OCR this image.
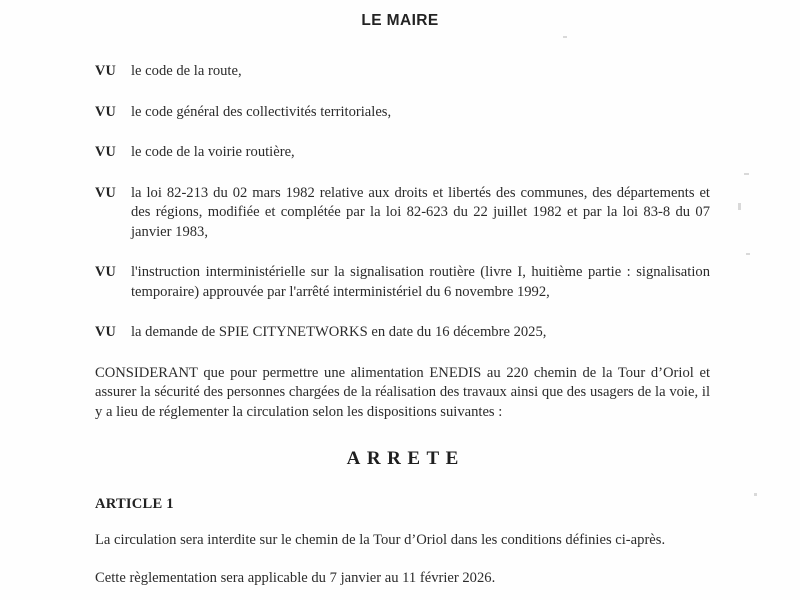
LE MAIRE
VU	le code de la route,
VU	le code général des collectivités territoriales,
VU	le code de la voirie routière,
VU	la loi 82-213 du 02 mars 1982 relative aux droits et libertés des communes, des départements et des régions, modifiée et complétée par la loi 82-623 du 22 juillet 1982 et par la loi 83-8 du 07 janvier 1983,
VU	l'instruction interministérielle sur la signalisation routière (livre I, huitième partie : signalisation temporaire) approuvée par l'arrêté interministériel du 6 novembre 1992,
VU	la demande de SPIE CITYNETWORKS en date du 16 décembre 2025,
CONSIDERANT que pour permettre une alimentation ENEDIS au 220 chemin de la Tour d’Oriol et assurer la sécurité des personnes chargées de la réalisation des travaux ainsi que des usagers de la voie, il y a lieu de réglementer la circulation selon les dispositions suivantes :
ARRETE
ARTICLE 1
La circulation sera interdite sur le chemin de la Tour d’Oriol dans les conditions définies ci-après.
Cette règlementation sera applicable du 7 janvier au 11 février 2026.
